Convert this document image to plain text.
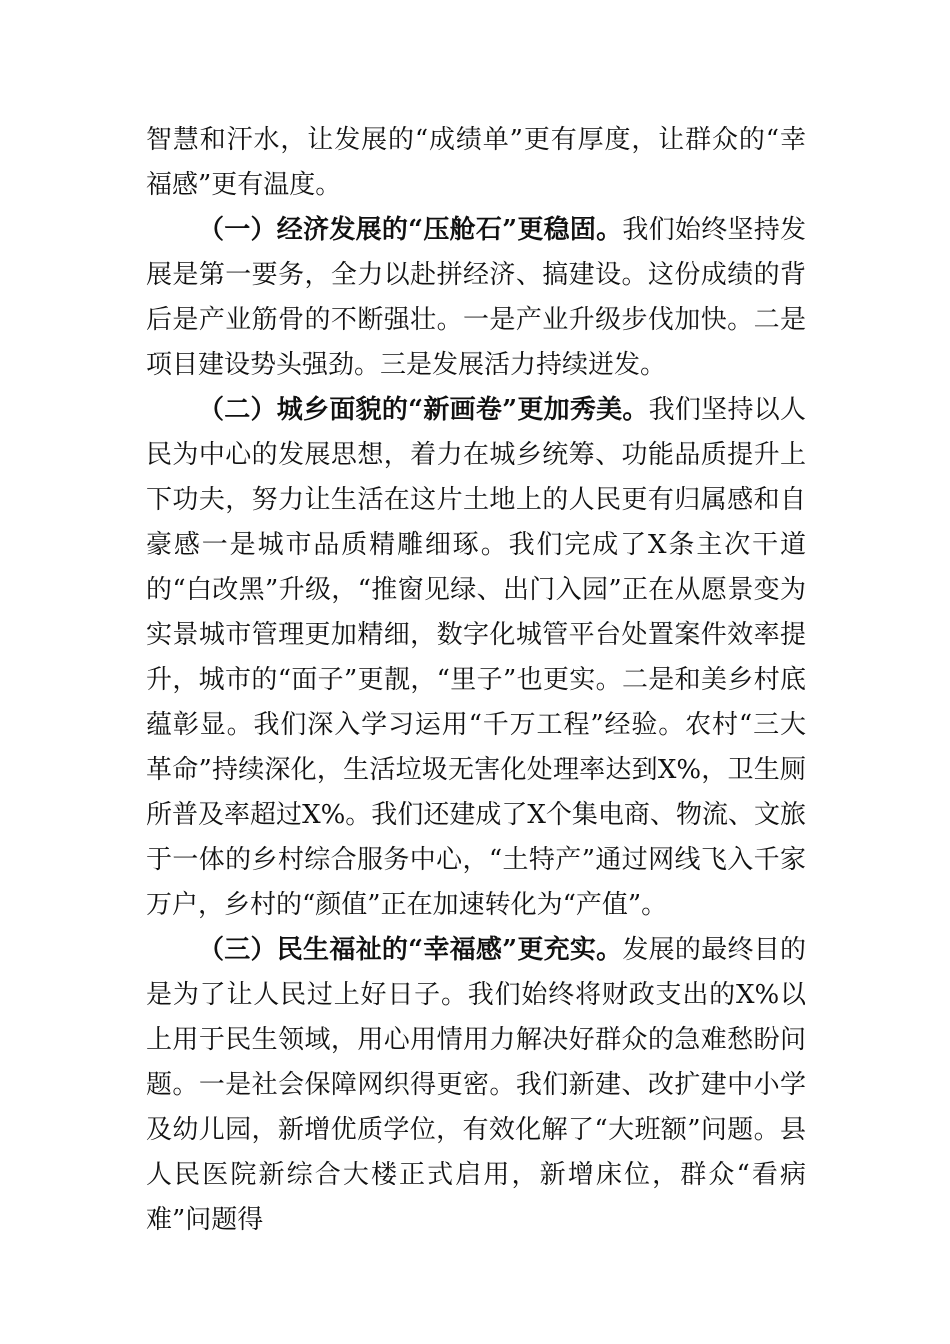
智慧和汗水，让发展的“成绩单”更有厚度，让群众的“幸福感”更有温度。

（一）经济发展的“压舱石”更稳固。我们始终坚持发展是第一要务，全力以赴拼经济、搞建设。这份成绩的背后是产业筋骨的不断强壮。一是产业升级步伐加快。二是项目建设势头强劲。三是发展活力持续迸发。

（二）城乡面貌的“新画卷”更加秀美。我们坚持以人民为中心的发展思想，着力在城乡统筹、功能品质提升上下功夫，努力让生活在这片土地上的人民更有归属感和自豪感一是城市品质精雕细琢。我们完成了X条主次干道的“白改黑”升级，“推窗见绿、出门入园”正在从愿景变为实景城市管理更加精细，数字化城管平台处置案件效率提升，城市的“面子”更靓，“里子”也更实。二是和美乡村底蕴彰显。我们深入学习运用“千万工程”经验。农村“三大革命”持续深化，生活垃圾无害化处理率达到X%，卫生厕所普及率超过X%。我们还建成了X个集电商、物流、文旅于一体的乡村综合服务中心，“土特产”通过网线飞入千家万户，乡村的“颜值”正在加速转化为“产值”。

（三）民生福祉的“幸福感”更充实。发展的最终目的是为了让人民过上好日子。我们始终将财政支出的X%以上用于民生领域，用心用情用力解决好群众的急难愁盼问题。一是社会保障网织得更密。我们新建、改扩建中小学及幼儿园，新增优质学位，有效化解了“大班额”问题。县人民医院新综合大楼正式启用，新增床位，群众“看病难”问题得
